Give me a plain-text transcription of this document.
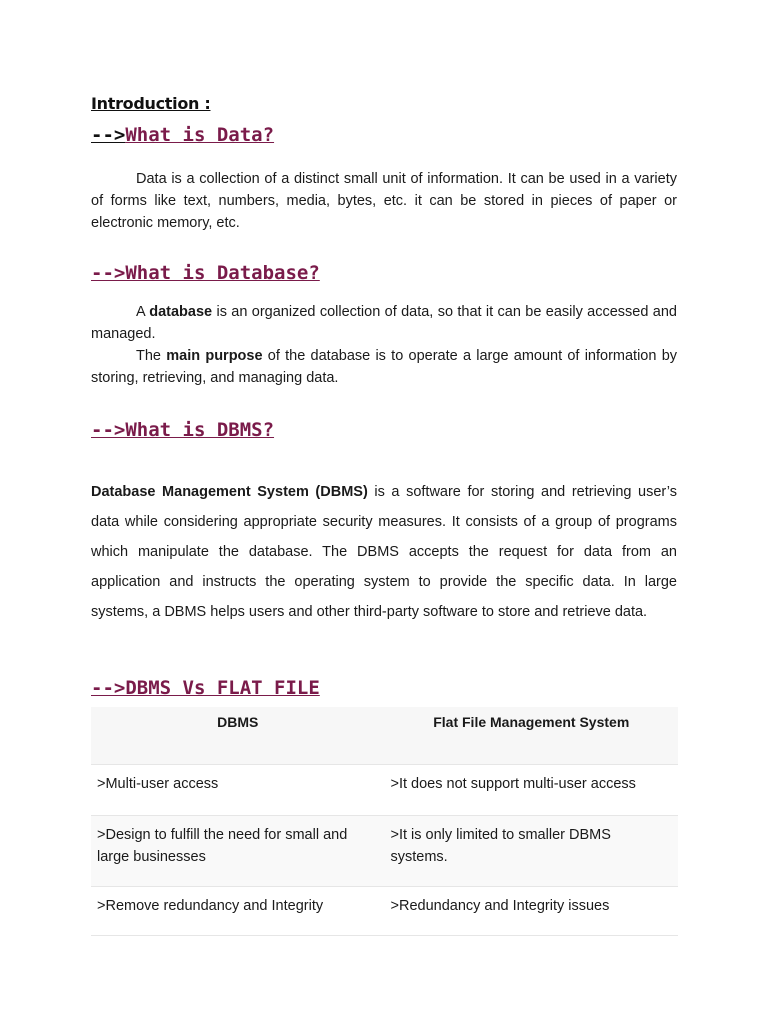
Introduction :
-->What is Data?
Data is a collection of a distinct small unit of information. It can be used in a variety of forms like text, numbers, media, bytes, etc. it can be stored in pieces of paper or electronic memory, etc.
-->What is Database?
A database is an organized collection of data, so that it can be easily accessed and managed.
The main purpose of the database is to operate a large amount of information by storing, retrieving, and managing data.
-->What is DBMS?
Database Management System (DBMS) is a software for storing and retrieving user’s data while considering appropriate security measures. It consists of a group of programs which manipulate the database. The DBMS accepts the request for data from an application and instructs the operating system to provide the specific data. In large systems, a DBMS helps users and other third-party software to store and retrieve data.
-->DBMS Vs FLAT FILE
DBMS	Flat File Management System
>Multi-user access	>It does not support multi-user access
>Design to fulfill the need for small and large businesses	>It is only limited to smaller DBMS systems.
>Remove redundancy and Integrity	>Redundancy and Integrity issues
